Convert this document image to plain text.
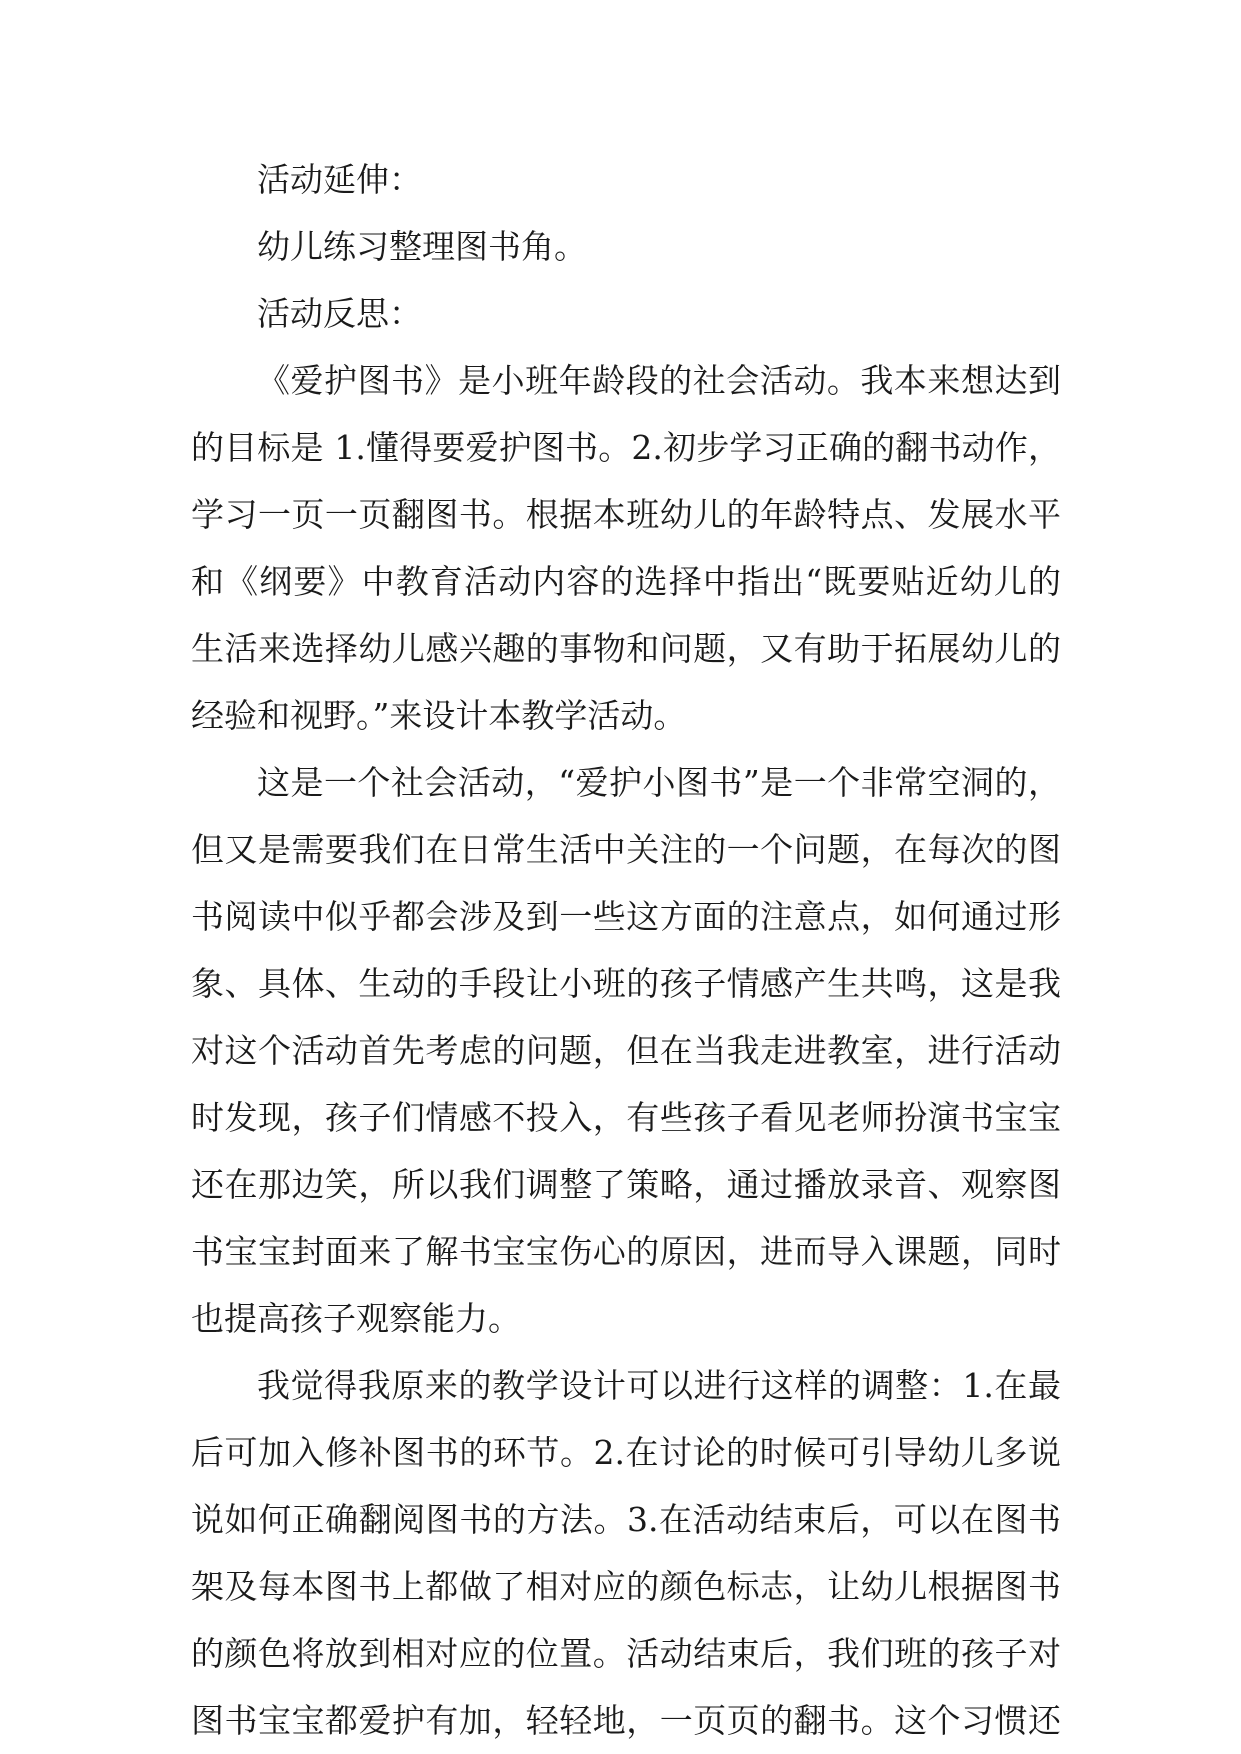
活动延伸：
幼儿练习整理图书角。
活动反思：
《爱护图书》是小班年龄段的社会活动。我本来想达到
的目标是 1.懂得要爱护图书。2.初步学习正确的翻书动作，
学习一页一页翻图书。根据本班幼儿的年龄特点、发展水平
和《纲要》中教育活动内容的选择中指出“既要贴近幼儿的
生活来选择幼儿感兴趣的事物和问题，又有助于拓展幼儿的
经验和视野。”来设计本教学活动。
这是一个社会活动，“爱护小图书”是一个非常空洞的，
但又是需要我们在日常生活中关注的一个问题，在每次的图
书阅读中似乎都会涉及到一些这方面的注意点，如何通过形
象、具体、生动的手段让小班的孩子情感产生共鸣，这是我
对这个活动首先考虑的问题，但在当我走进教室，进行活动
时发现，孩子们情感不投入，有些孩子看见老师扮演书宝宝
还在那边笑，所以我们调整了策略，通过播放录音、观察图
书宝宝封面来了解书宝宝伤心的原因，进而导入课题，同时
也提高孩子观察能力。
我觉得我原来的教学设计可以进行这样的调整：1.在最
后可加入修补图书的环节。2.在讨论的时候可引导幼儿多说
说如何正确翻阅图书的方法。3.在活动结束后，可以在图书
架及每本图书上都做了相对应的颜色标志，让幼儿根据图书
的颜色将放到相对应的位置。活动结束后，我们班的孩子对
图书宝宝都爱护有加，轻轻地，一页页的翻书。这个习惯还
